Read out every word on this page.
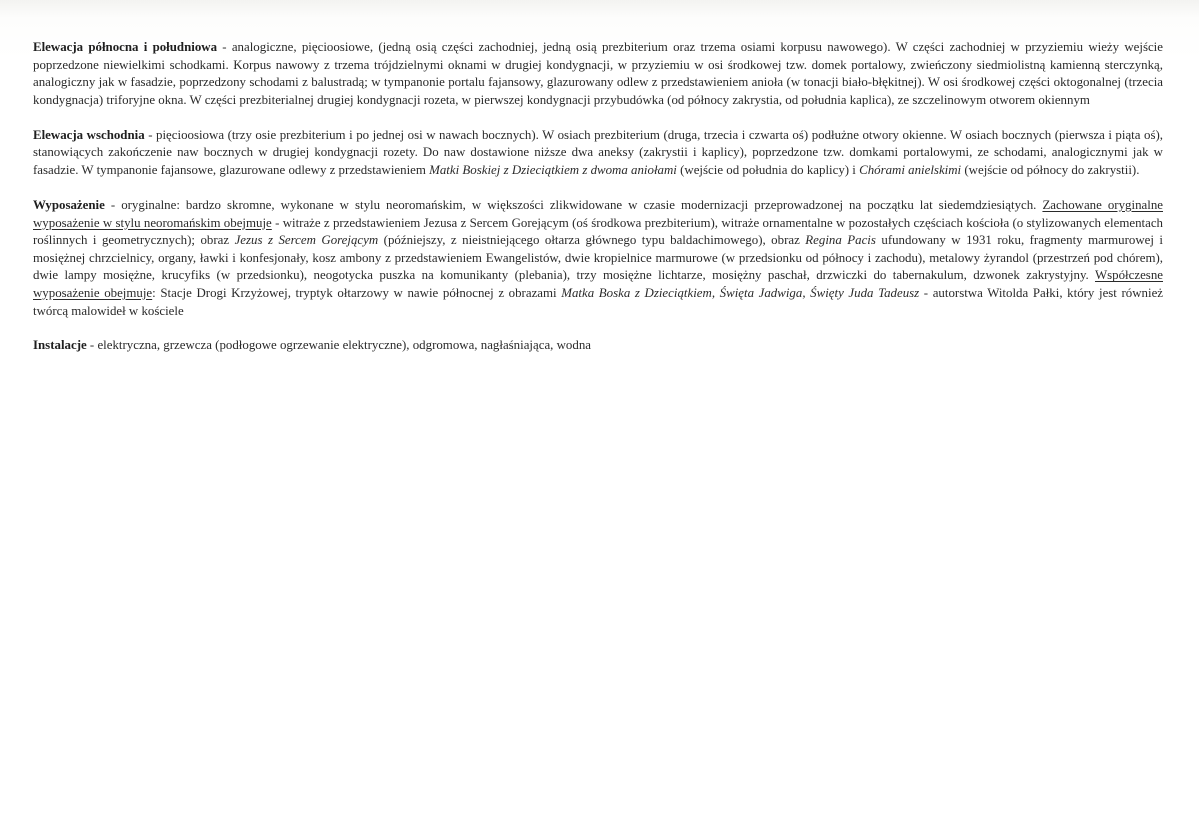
Elewacja północna i południowa - analogiczne, pięcioosiowe, (jedną osią części zachodniej, jedną osią prezbiterium oraz trzema osiami korpusu nawowego). W części zachodniej w przyziemiu wieży wejście poprzedzone niewielkimi schodkami. Korpus nawowy z trzema trójdzielnymi oknami w drugiej kondygnacji, w przyziemiu w osi środkowej tzw. domek portalowy, zwieńczony siedmiolistną kamienną sterczynką, analogiczny jak w fasadzie, poprzedzony schodami z balustradą; w tympanonie portalu fajansowy, glazurowany odlew z przedstawieniem anioła (w tonacji biało-błękitnej). W osi środkowej części oktogonalnej (trzecia kondygnacja) triforyjne okna. W części prezbiterialnej drugiej kondygnacji rozeta, w pierwszej kondygnacji przybudówka (od północy zakrystia, od południa kaplica), ze szczelinowym otworem okiennym

Elewacja wschodnia - pięcioosiowa (trzy osie prezbiterium i po jednej osi w nawach bocznych). W osiach prezbiterium (druga, trzecia i czwarta oś) podłużne otwory okienne. W osiach bocznych (pierwsza i piąta oś), stanowiących zakończenie naw bocznych w drugiej kondygnacji rozety. Do naw dostawione niższe dwa aneksy (zakrystii i kaplicy), poprzedzone tzw. domkami portalowymi, ze schodami, analogicznymi jak w fasadzie. W tympanonie fajansowe, glazurowane odlewy z przedstawieniem Matki Boskiej z Dzieciątkiem z dwoma aniołami (wejście od południa do kaplicy) i Chórami anielskimi (wejście od północy do zakrystii).

Wyposażenie - oryginalne: bardzo skromne, wykonane w stylu neoromańskim, w większości zlikwidowane w czasie modernizacji przeprowadzonej na początku lat siedemdziesiątych. Zachowane oryginalne wyposażenie w stylu neoromańskim obejmuje - witraże z przedstawieniem Jezusa z Sercem Gorejącym (oś środkowa prezbiterium), witraże ornamentalne w pozostałych częściach kościoła (o stylizowanych elementach roślinnych i geometrycznych); obraz Jezus z Sercem Gorejącym (późniejszy, z nieistniejącego ołtarza głównego typu baldachimowego), obraz Regina Pacis ufundowany w 1931 roku, fragmenty marmurowej i mosiężnej chrzcielnicy, organy, ławki i konfesjonały, kosz ambony z przedstawieniem Ewangelistów, dwie kropielnice marmurowe (w przedsionku od północy i zachodu), metalowy żyrandol (przestrzeń pod chórem), dwie lampy mosiężne, krucyfiks (w przedsionku), neogotycka puszka na komunikanty (plebania), trzy mosiężne lichtarze, mosiężny paschał, drzwiczki do tabernakulum, dzwonek zakrystyjny. Współczesne wyposażenie obejmuje: Stacje Drogi Krzyżowej, tryptyk ołtarzowy w nawie północnej z obrazami Matka Boska z Dzieciątkiem, Święta Jadwiga, Święty Juda Tadeusz - autorstwa Witolda Pałki, który jest również twórcą malowideł w kościele

Instalacje - elektryczna, grzewcza (podłogowe ogrzewanie elektryczne), odgromowa, nagłaśniająca, wodna
